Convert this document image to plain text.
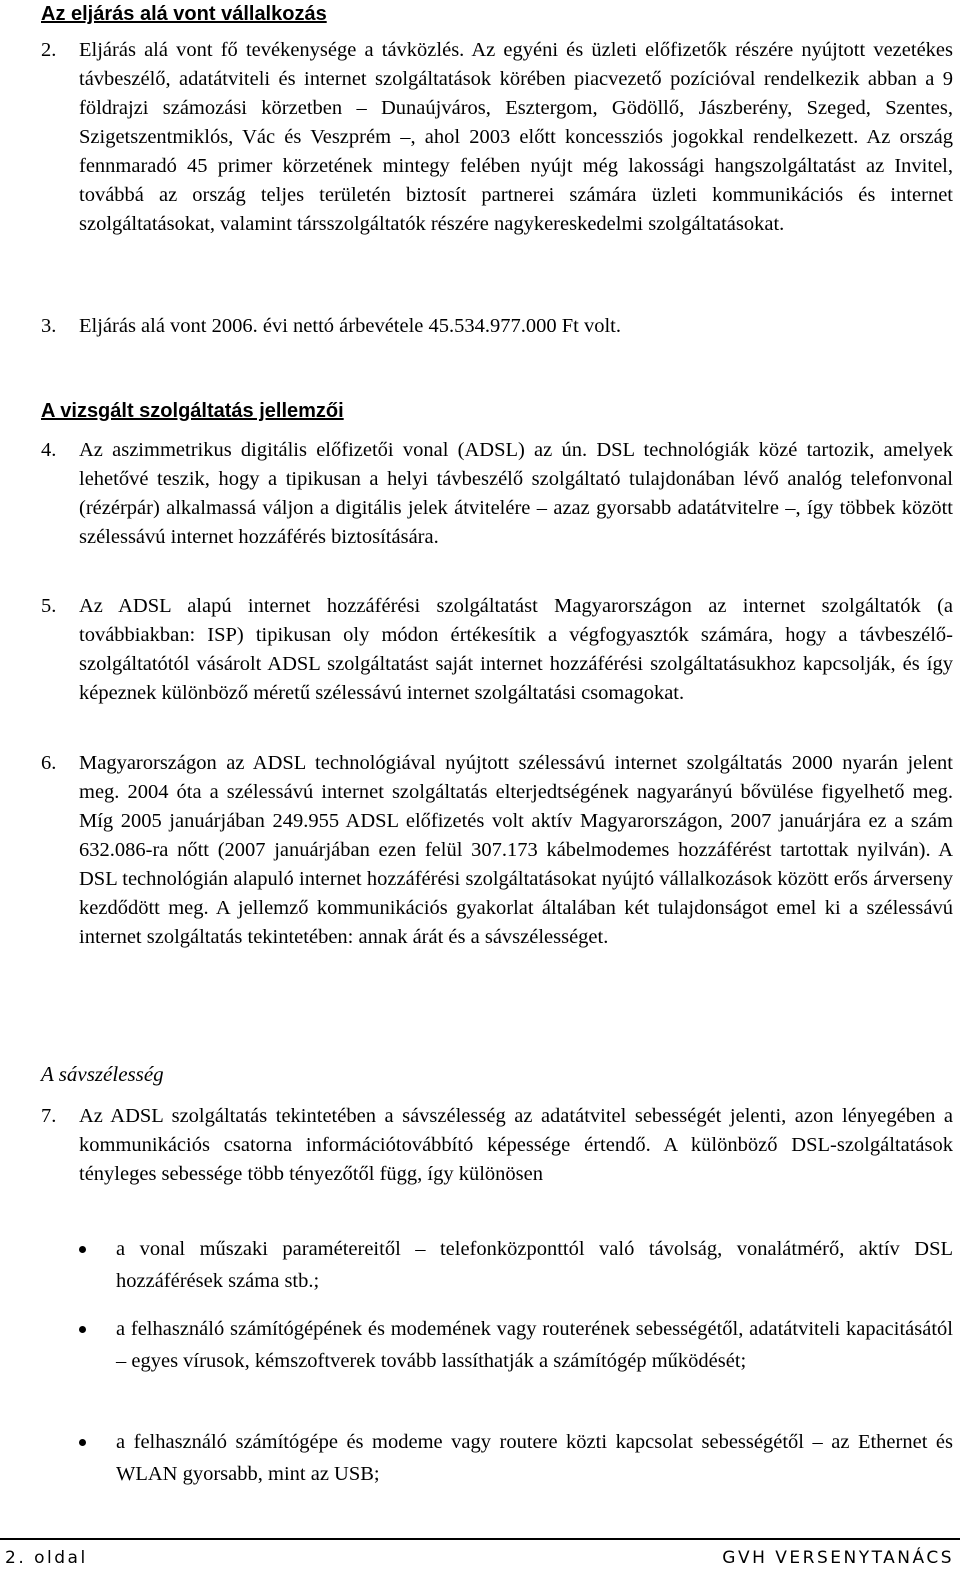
Az eljárás alá vont vállalkozás
2. Eljárás alá vont fő tevékenysége a távközlés. Az egyéni és üzleti előfizetők részére nyújtott vezetékes távbeszélő, adatátviteli és internet szolgáltatások körében piacvezető pozícióval rendelkezik abban a 9 földrajzi számozási körzetben – Dunaújváros, Esztergom, Gödöllő, Jászberény, Szeged, Szentes, Szigetszentmiklós, Vác és Veszprém –, ahol 2003 előtt koncessziós jogokkal rendelkezett. Az ország fennmaradó 45 primer körzetének mintegy felében nyújt még lakossági hangszolgáltatást az Invitel, továbbá az ország teljes területén biztosít partnerei számára üzleti kommunikációs és internet szolgáltatásokat, valamint társszolgáltatók részére nagykereskedelmi szolgáltatásokat.
3. Eljárás alá vont 2006. évi nettó árbevétele 45.534.977.000 Ft volt.
A vizsgált szolgáltatás jellemzői
4. Az aszimmetrikus digitális előfizetői vonal (ADSL) az ún. DSL technológiák közé tartozik, amelyek lehetővé teszik, hogy a tipikusan a helyi távbeszélő szolgáltató tulajdonában lévő analóg telefonvonal (rézérpár) alkalmassá váljon a digitális jelek átvitelére – azaz gyorsabb adatátvitelre –, így többek között szélessávú internet hozzáférés biztosítására.
5. Az ADSL alapú internet hozzáférési szolgáltatást Magyarországon az internet szolgáltatók (a továbbiakban: ISP) tipikusan oly módon értékesítik a végfogyasztók számára, hogy a távbeszélő-szolgáltatótól vásárolt ADSL szolgáltatást saját internet hozzáférési szolgáltatásukhoz kapcsolják, és így képeznek különböző méretű szélessávú internet szolgáltatási csomagokat.
6. Magyarországon az ADSL technológiával nyújtott szélessávú internet szolgáltatás 2000 nyarán jelent meg. 2004 óta a szélessávú internet szolgáltatás elterjedtségének nagyarányú bővülése figyelhető meg. Míg 2005 januárjában 249.955 ADSL előfizetés volt aktív Magyarországon, 2007 januárjára ez a szám 632.086-ra nőtt (2007 januárjában ezen felül 307.173 kábelmodemes hozzáférést tartottak nyilván). A DSL technológián alapuló internet hozzáférési szolgáltatásokat nyújtó vállalkozások között erős árverseny kezdődött meg. A jellemző kommunikációs gyakorlat általában két tulajdonságot emel ki a szélessávú internet szolgáltatás tekintetében: annak árát és a sávszélességet.
A sávszélesség
7. Az ADSL szolgáltatás tekintetében a sávszélesség az adatátvitel sebességét jelenti, azon lényegében a kommunikációs csatorna információtovábbító képessége értendő. A különböző DSL-szolgáltatások tényleges sebessége több tényezőtől függ, így különösen
a vonal műszaki paramétereitől – telefonközponttól való távolság, vonalátmérő, aktív DSL hozzáférések száma stb.;
a felhasználó számítógépének és modemének vagy routerének sebességétől, adatátviteli kapacitásától – egyes vírusok, kémszoftverek tovább lassíthatják a számítógép működését;
a felhasználó számítógépe és modeme vagy routere közti kapcsolat sebességétől – az Ethernet és WLAN gyorsabb, mint az USB;
2. oldal	GVH VERSENYTANÁCS
